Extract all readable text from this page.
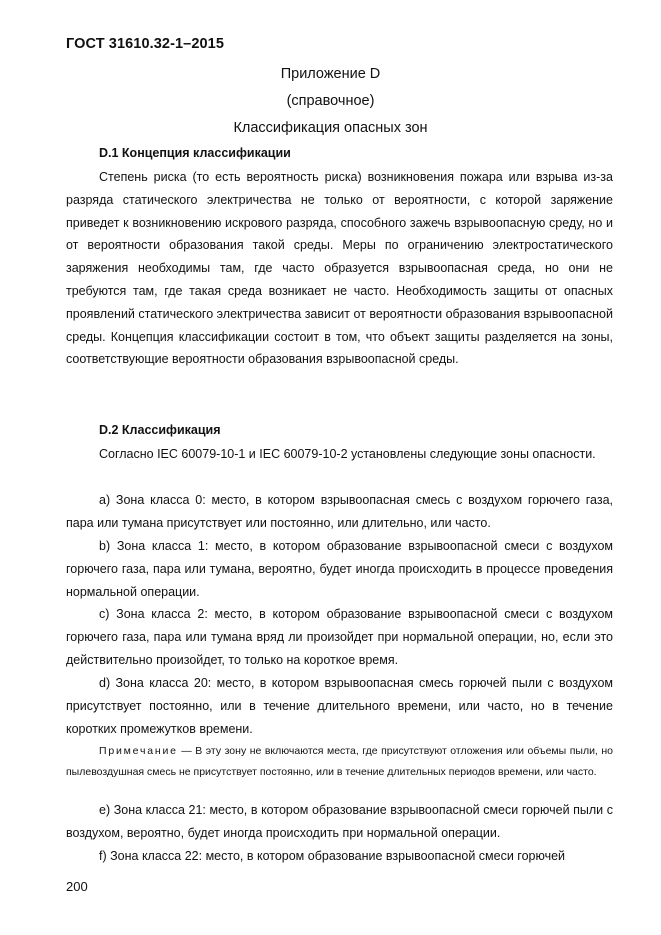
ГОСТ 31610.32-1–2015
Приложение D
(справочное)
Классификация опасных зон
D.1 Концепция классификации
Степень риска (то есть вероятность риска) возникновения пожара или взрыва из-за разряда статического электричества не только от вероятности, с которой заряжение приведет к возникновению искрового разряда, способного зажечь взрывоопасную среду, но и от вероятности образования такой среды. Меры по ограничению электростатического заряжения необходимы там, где часто образуется взрывоопасная среда, но они не требуются там, где такая среда возникает не часто. Необходимость защиты от опасных проявлений статического электричества зависит от вероятности образования взрывоопасной среды. Концепция классификации состоит в том, что объект защиты разделяется на зоны, соответствующие вероятности образования взрывоопасной среды.
D.2 Классификация
Согласно IEC 60079-10-1 и IEC 60079-10-2 установлены следующие зоны опасности.
a) Зона класса 0: место, в котором взрывоопасная смесь с воздухом горючего газа, пара или тумана присутствует или постоянно, или длительно, или часто.
b) Зона класса 1: место, в котором образование взрывоопасной смеси с воздухом горючего газа, пара или тумана, вероятно, будет иногда происходить в процессе проведения нормальной операции.
c) Зона класса 2: место, в котором образование взрывоопасной смеси с воздухом горючего газа, пара или тумана вряд ли произойдет при нормальной операции, но, если это действительно произойдет, то только на короткое время.
d) Зона класса 20: место, в котором взрывоопасная смесь горючей пыли с воздухом присутствует постоянно, или в течение длительного времени, или часто, но в течение коротких промежутков времени.
Примечание — В эту зону не включаются места, где присутствуют отложения или объемы пыли, но пылевоздушная смесь не присутствует постоянно, или в течение длительных периодов времени, или часто.
e) Зона класса 21: место, в котором образование взрывоопасной смеси горючей пыли с воздухом, вероятно, будет иногда происходить при нормальной операции.
f) Зона класса 22: место, в котором образование взрывоопасной смеси горючей
200
